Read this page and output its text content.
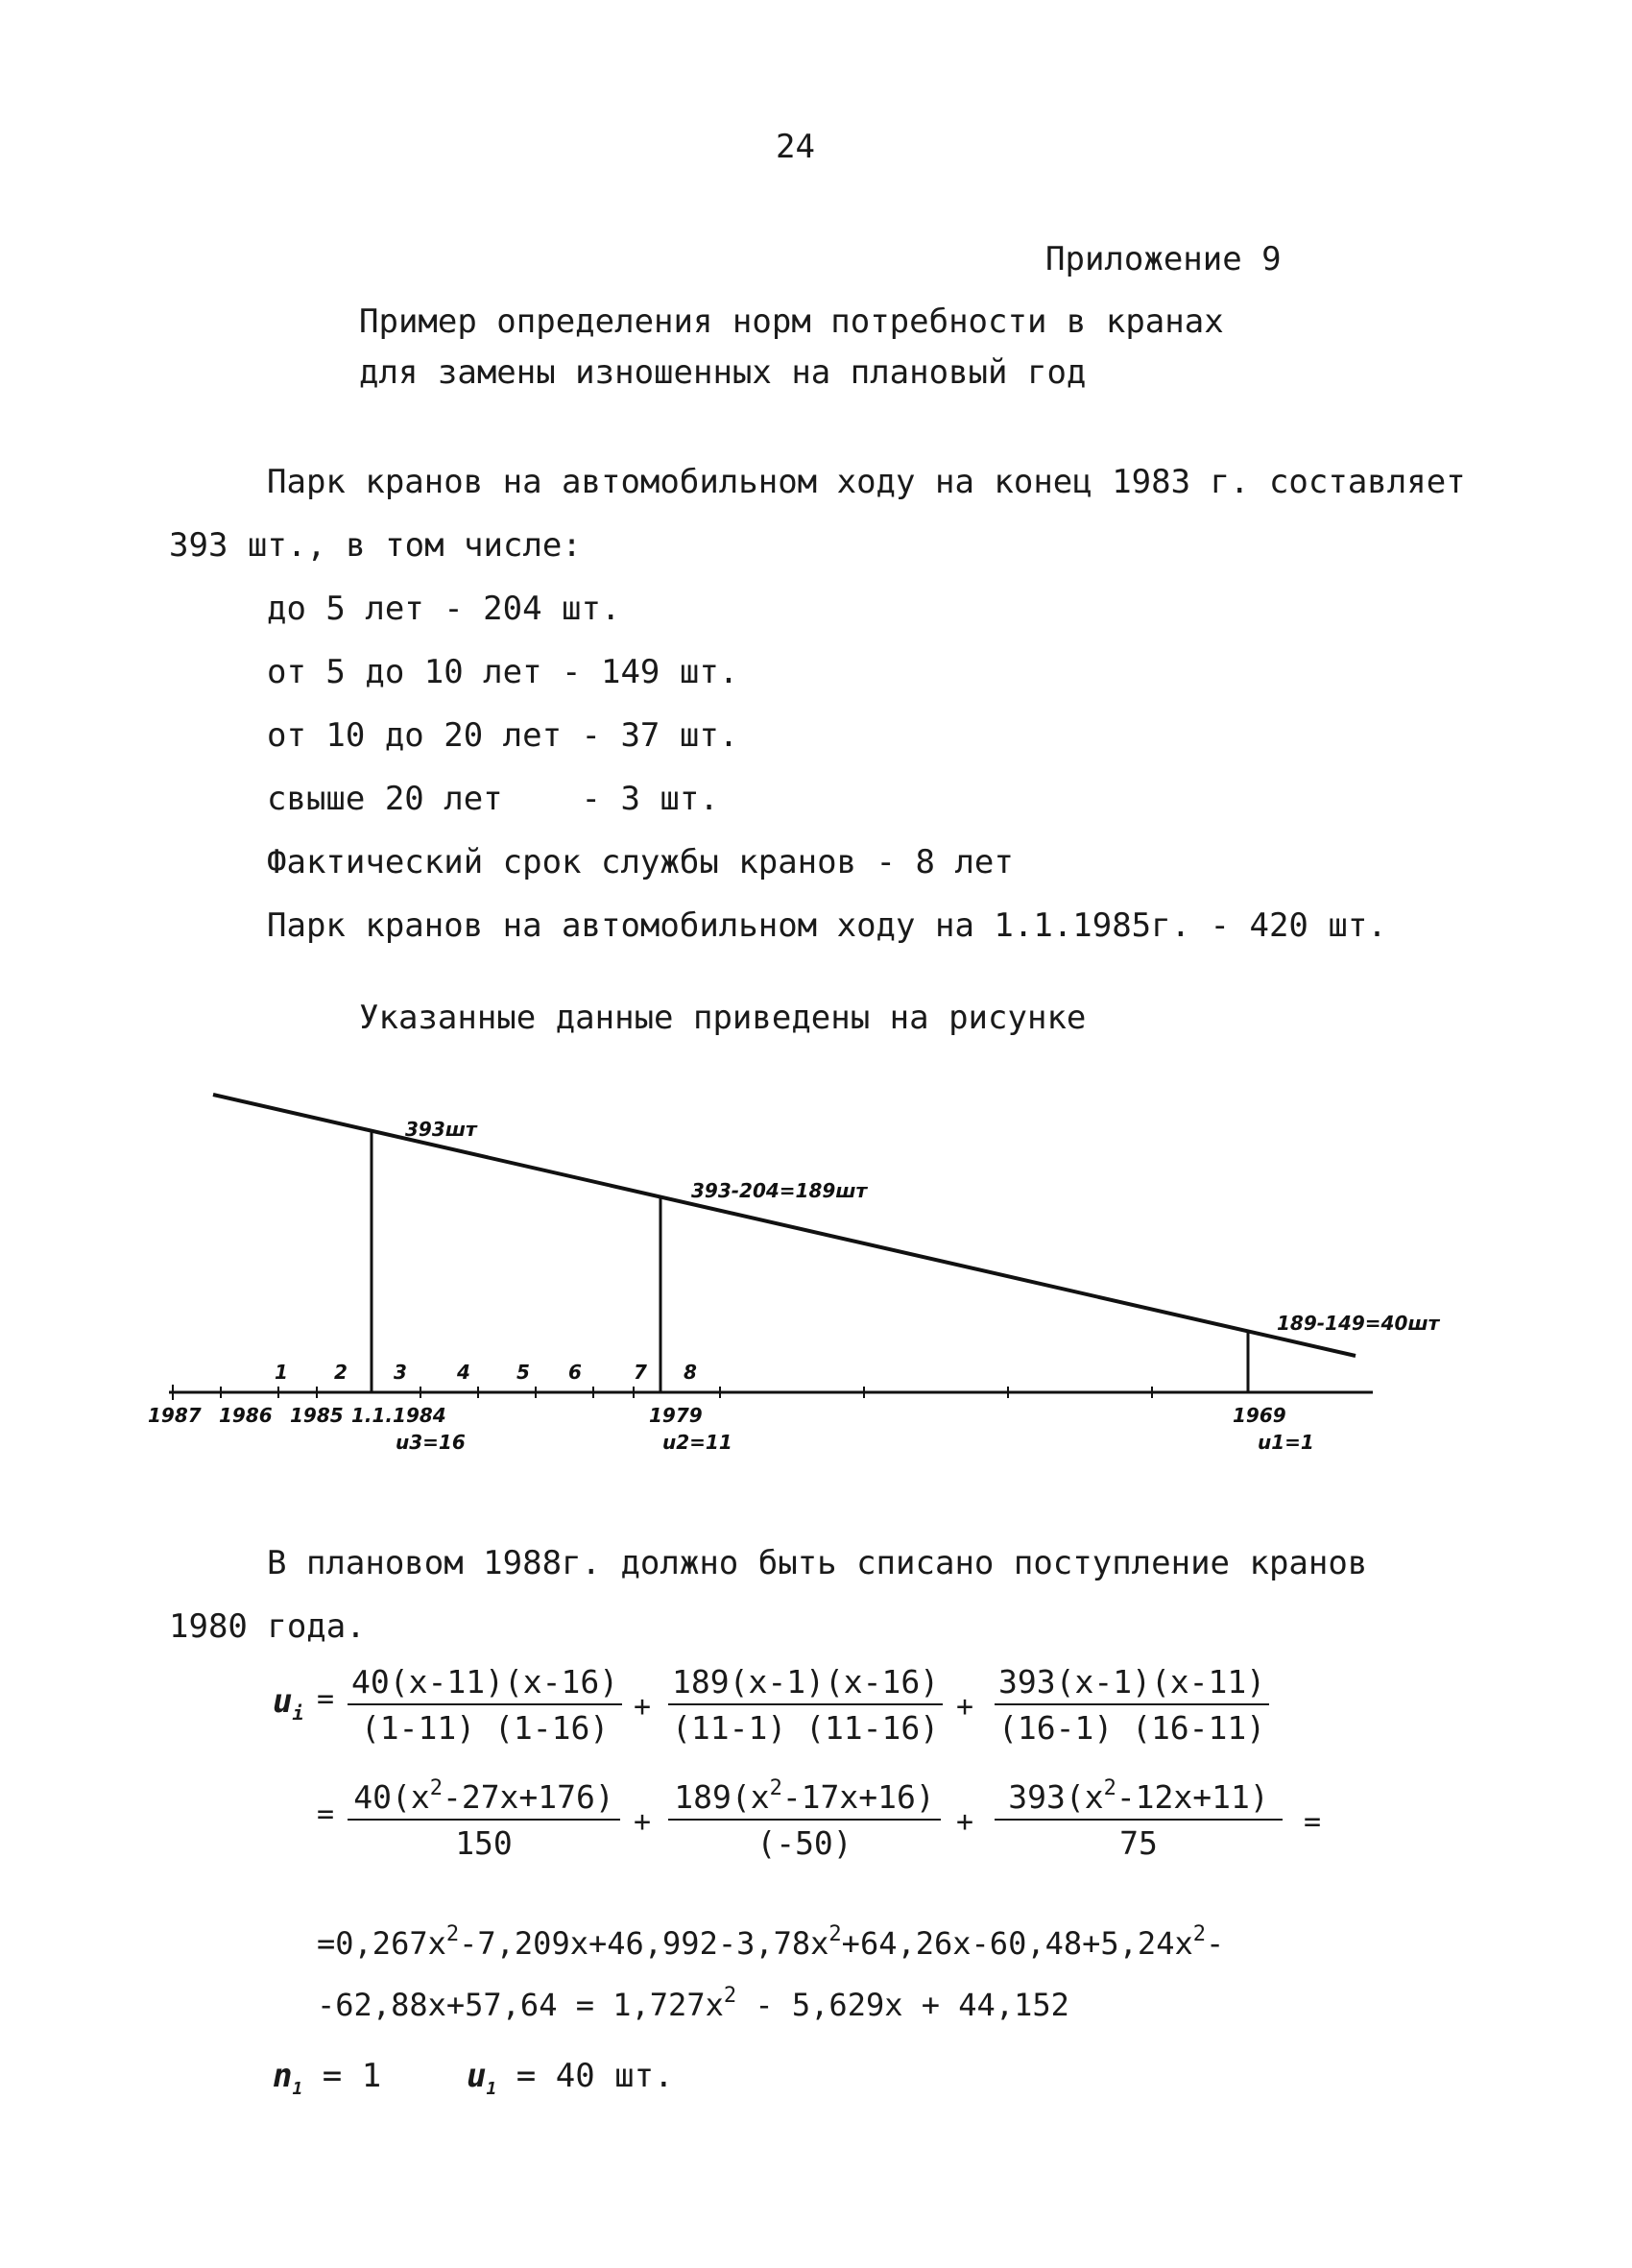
24
Приложение 9
Пример определения норм потребности в кранах
для замены изношенных на плановый год
Парк кранов на автомобильном ходу на конец 1983 г. составляет
393 шт., в том числе:
до 5 лет - 204 шт.
от 5 до 10 лет - 149 шт.
от 10 до 20 лет - 37 шт.
свыше 20 лет    - 3 шт.
Фактический срок службы кранов - 8 лет
Парк кранов на автомобильном ходу на 1.1.1985г. - 420 шт.
Указанные данные приведены на рисунке
393шт
393-204=189шт
189-149=40шт
1 2 3	4 5 6	7 8
1987 1986 1985 1.1.1984	1979	1969
u3=16	u2=11	u1=1
В плановом 1988г. должно быть списано поступление кранов
1980 года.
$u_i = \frac{40(x-11)(x-16)}{(1-11) (1-16)} + \frac{189(x-1)(x-16)}{(11-1) (11-16)} + \frac{393(x-1)(x-11)}{(16-1) (16-11)}$
= $\frac{40(x^2-27x+176)}{150} + \frac{189(x^2-17x+16)}{(-50)} + \frac{393(x^2-12x+11)}{75}$ =
$=0,267x^2-7,209x+46,992-3,78x^2+64,26x-60,48+5,24x^2-$
$-62,88x+57,64 = 1,727x^2 - 5,629x + 44,152$
$n_1 = 1$	$u_1 = 40$ шт.
